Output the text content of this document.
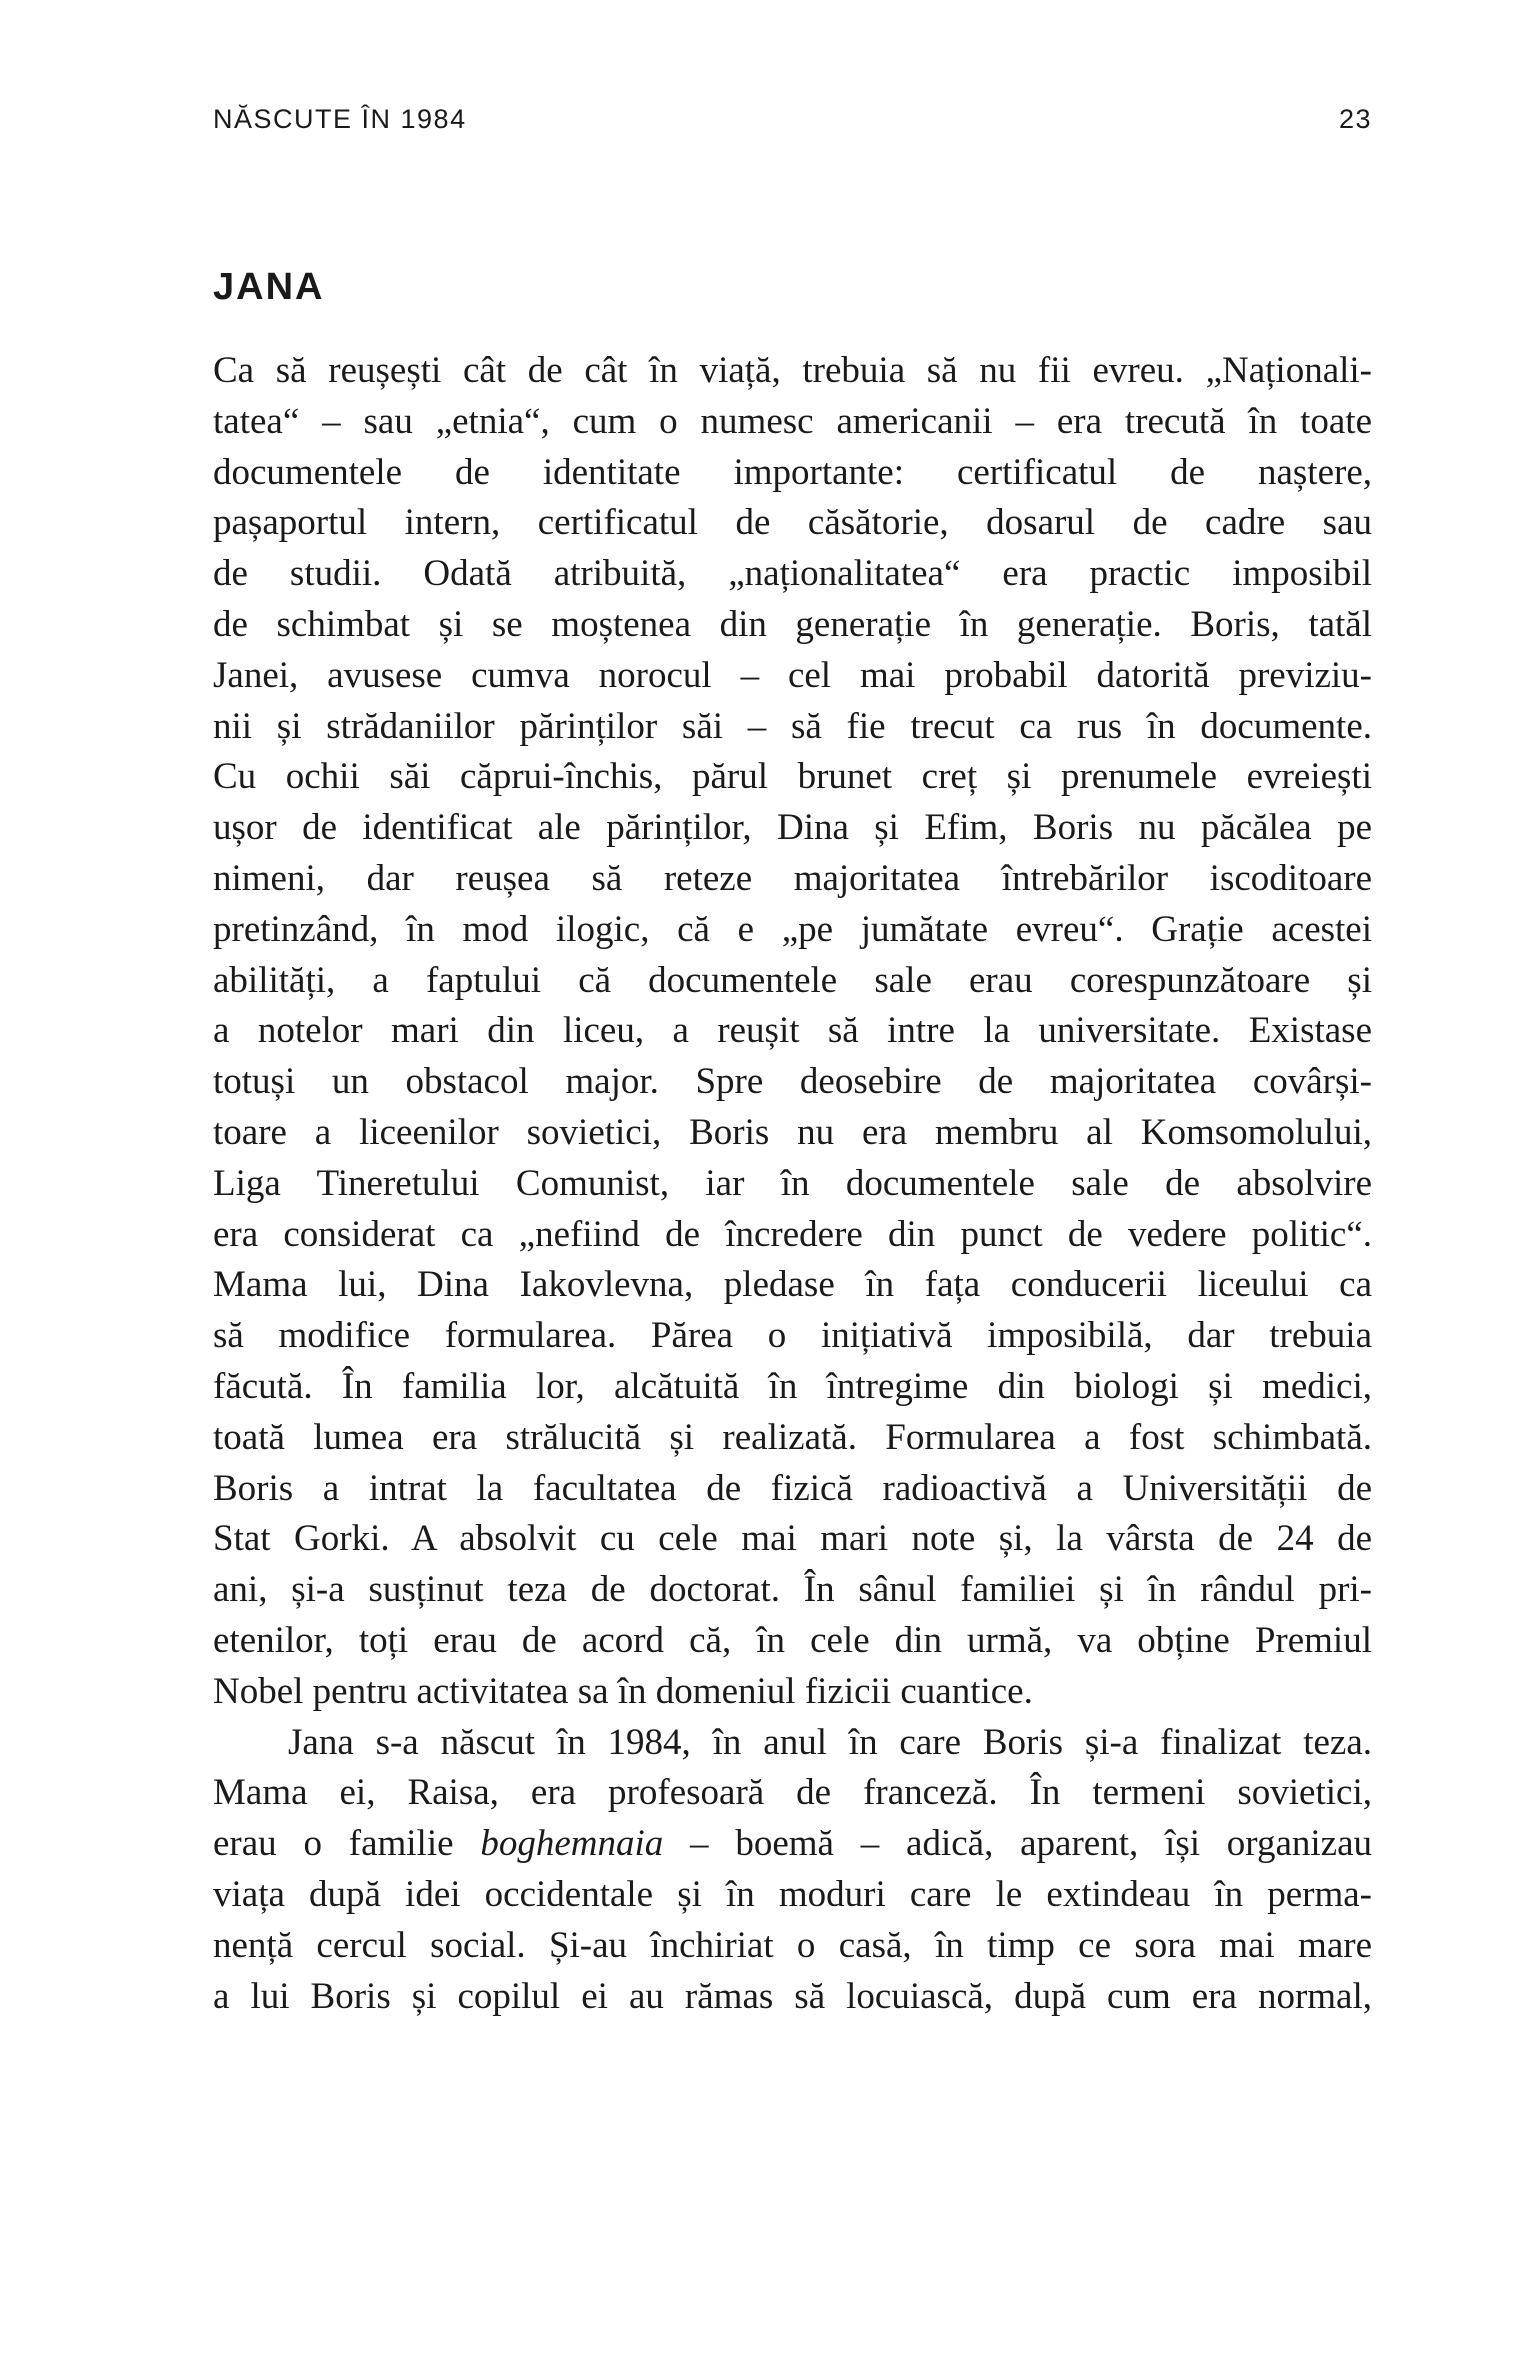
NĂSCUTE ÎN 1984	23
JANA

Ca să reușești cât de cât în viață, trebuia să nu fii evreu. „Naționali-
tatea“ – sau „etnia“, cum o numesc americanii – era trecută în toate
documentele de identitate importante: certificatul de naștere,
pașaportul intern, certificatul de căsătorie, dosarul de cadre sau
de studii. Odată atribuită, „naționalitatea“ era practic imposibil
de schimbat și se moștenea din generație în generație. Boris, tatăl
Janei, avusese cumva norocul – cel mai probabil datorită previziu-
nii și strădaniilor părinților săi – să fie trecut ca rus în documente.
Cu ochii săi căprui-închis, părul brunet creț și prenumele evreiești
ușor de identificat ale părinților, Dina și Efim, Boris nu păcălea pe
nimeni, dar reușea să reteze majoritatea întrebărilor iscoditoare
pretinzând, în mod ilogic, că e „pe jumătate evreu“. Grație acestei
abilități, a faptului că documentele sale erau corespunzătoare și
a notelor mari din liceu, a reușit să intre la universitate. Existase
totuși un obstacol major. Spre deosebire de majoritatea covârși-
toare a liceenilor sovietici, Boris nu era membru al Komsomolului,
Liga Tineretului Comunist, iar în documentele sale de absolvire
era considerat ca „nefiind de încredere din punct de vedere politic“.
Mama lui, Dina Iakovlevna, pledase în fața conducerii liceului ca
să modifice formularea. Părea o inițiativă imposibilă, dar trebuia
făcută. În familia lor, alcătuită în întregime din biologi și medici,
toată lumea era strălucită și realizată. Formularea a fost schimbată.
Boris a intrat la facultatea de fizică radioactivă a Universității de
Stat Gorki. A absolvit cu cele mai mari note și, la vârsta de 24 de
ani, și-a susținut teza de doctorat. În sânul familiei și în rândul pri-
etenilor, toți erau de acord că, în cele din urmă, va obține Premiul
Nobel pentru activitatea sa în domeniul fizicii cuantice.

Jana s-a născut în 1984, în anul în care Boris și-a finalizat teza.
Mama ei, Raisa, era profesoară de franceză. În termeni sovietici,
erau o familie boghemnaia – boemă – adică, aparent, își organizau
viața după idei occidentale și în moduri care le extindeau în perma-
nență cercul social. Și-au închiriat o casă, în timp ce sora mai mare
a lui Boris și copilul ei au rămas să locuiască, după cum era normal,
